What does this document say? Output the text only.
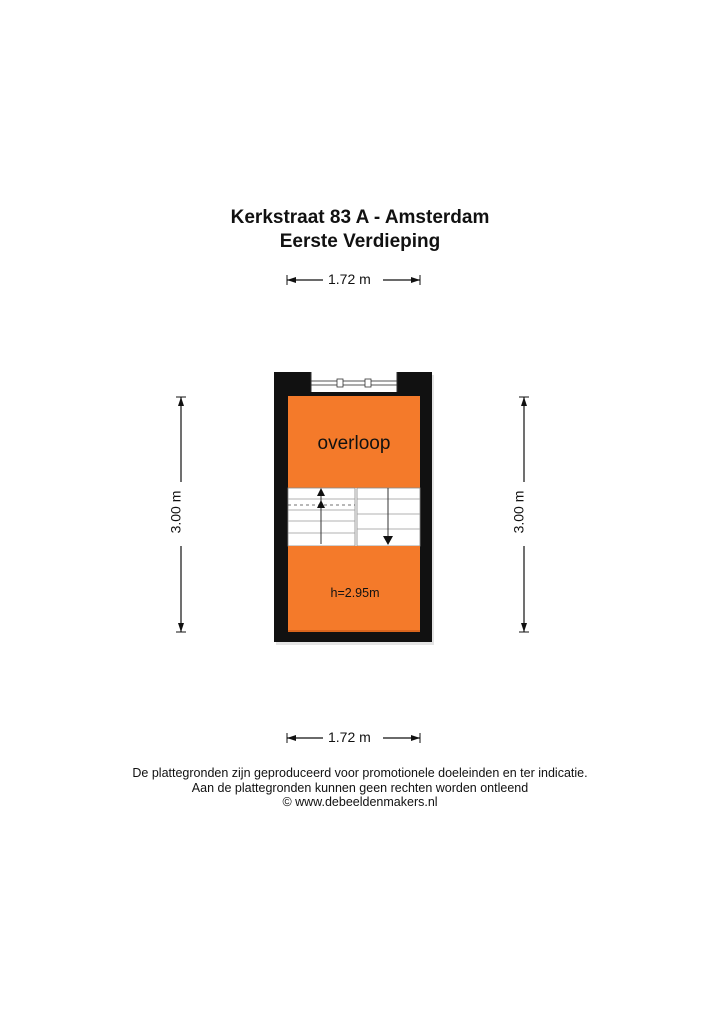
Kerkstraat 83 A - Amsterdam
Eerste Verdieping
1.72 m
1.72 m
3.00 m	3.00 m
overloop
h=2.95m
De plattegronden zijn geproduceerd voor promotionele doeleinden en ter indicatie.
Aan de plattegronden kunnen geen rechten worden ontleend
© www.debeeldenmakers.nl
